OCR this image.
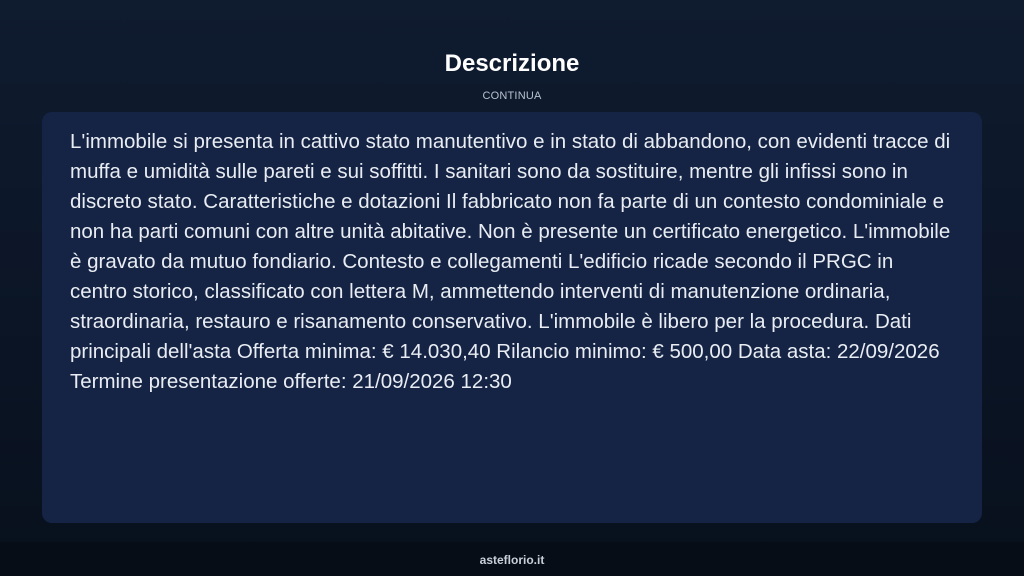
Descrizione
CONTINUA

L'immobile si presenta in cattivo stato manutentivo e in stato di abbandono, con evidenti tracce di muffa e umidità sulle pareti e sui soffitti. I sanitari sono da sostituire, mentre gli infissi sono in discreto stato. Caratteristiche e dotazioni Il fabbricato non fa parte di un contesto condominiale e non ha parti comuni con altre unità abitative. Non è presente un certificato energetico. L'immobile è gravato da mutuo fondiario. Contesto e collegamenti L'edificio ricade secondo il PRGC in centro storico, classificato con lettera M, ammettendo interventi di manutenzione ordinaria, straordinaria, restauro e risanamento conservativo. L'immobile è libero per la procedura. Dati principali dell'asta Offerta minima: € 14.030,40 Rilancio minimo: € 500,00 Data asta: 22/09/2026 Termine presentazione offerte: 21/09/2026 12:30

asteflorio.it
